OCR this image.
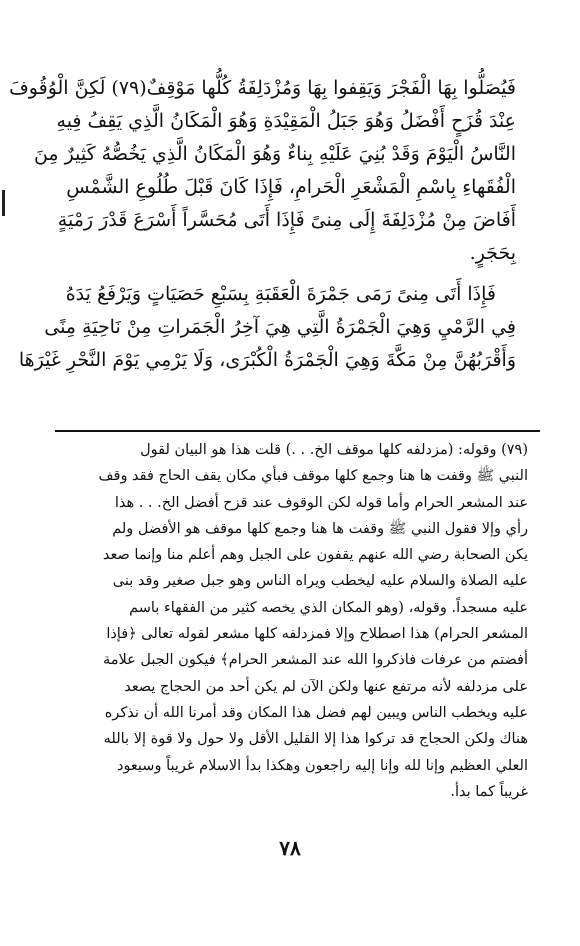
فَيُصَلُّوا بِهَا الْفَجْرَ وَيَقِفوا بِهَا وَمُزْدَلِفَةُ كُلُّها مَوْقِفٌ(٧٩) لَكِنَّ الْوُقُوفَ
عِنْدَ قُزَحٍ أَفْضَلُ وَهُوَ جَبَلُ الْمَقِيْدَةِ وَهُوَ الْمَكَانُ الَّذِي يَقِفُ فِيهِ
النَّاسُ الْيَوْمَ وَقَدْ بُنِيَ عَلَيْهِ بِناءٌ وَهُوَ الْمَكَانُ الَّذِي يَخُصُّهُ كَثِيرٌ مِنَ
الْفُقَهاءِ بِاسْمِ الْمَشْعَرِ الْحَرامِ، فَإِذَا كَانَ قَبْلَ طُلُوعِ الشَّمْسِ
أَفَاضَ مِنْ مُزْدَلِفَةَ إِلَى مِنىً فَإِذَا أَتَى مُحَسَّراً أَسْرَعَ قَدْرَ رَمْيَةٍ
بِحَجَرٍ.
فَإِذَا أَتَى مِنىً رَمَى جَمْرَةَ الْعَقَبَةِ بِسَبْعِ حَصَيَاتٍ وَيَرْفَعُ يَدَهُ
فِي الرَّمْيِ وَهِيَ الْجَمْرَةُ الَّتِي هِيَ آخِرُ الْجَمَراتِ مِنْ نَاحِيَةِ مِنًى
وَأَقْرَبُهُنَّ مِنْ مَكَّةَ وَهِيَ الْجَمْرَةُ الْكُبْرَى، وَلَا يَرْمِي يَوْمَ النَّحْرِ غَيْرَهَا
(٧٩) وقوله: (مزدلفه كلها موقف الخ. . .) قلت هذا هو البيان لقول
النبي ﷺ وقفت ها هنا وجمع كلها موقف فبأي مكان يقف الحاج فقد وقف
عند المشعر الحرام وأما قوله لكن الوقوف عند قزح أفضل الخ. . . هذا
رأي وإلا فقول النبي ﷺ وقفت ها هنا وجمع كلها موقف هو الأفضل ولم
يكن الصحابة رضي الله عنهم يقفون على الجبل وهم أعلم منا وإنما صعد
عليه الصلاة والسلام عليه ليخطب ويراه الناس وهو جبل صغير وقد بنى
عليه مسجداً. وقوله، (وهو المكان الذي يخصه كثير من الفقهاء باسم
المشعر الحرام) هذا اصطلاح وإلا فمزدلفه كلها مشعر لقوله تعالى ﴿فإذا
أفضتم من عرفات فاذكروا الله عند المشعر الحرام﴾ فيكون الجبل علامة
على مزدلفه لأنه مرتفع عنها ولكن الآن لم يكن أحد من الحجاج يصعد
عليه ويخطب الناس ويبين لهم فضل هذا المكان وقد أمرنا الله أن نذكره
هناك ولكن الحجاج قد تركوا هذا إلا القليل الأقل ولا حول ولا قوة إلا بالله
العلي العظيم وإنا لله وإنا إليه راجعون وهكذا بدأ الاسلام غريباً وسيعود
غريباً كما بدأ.
٧٨
